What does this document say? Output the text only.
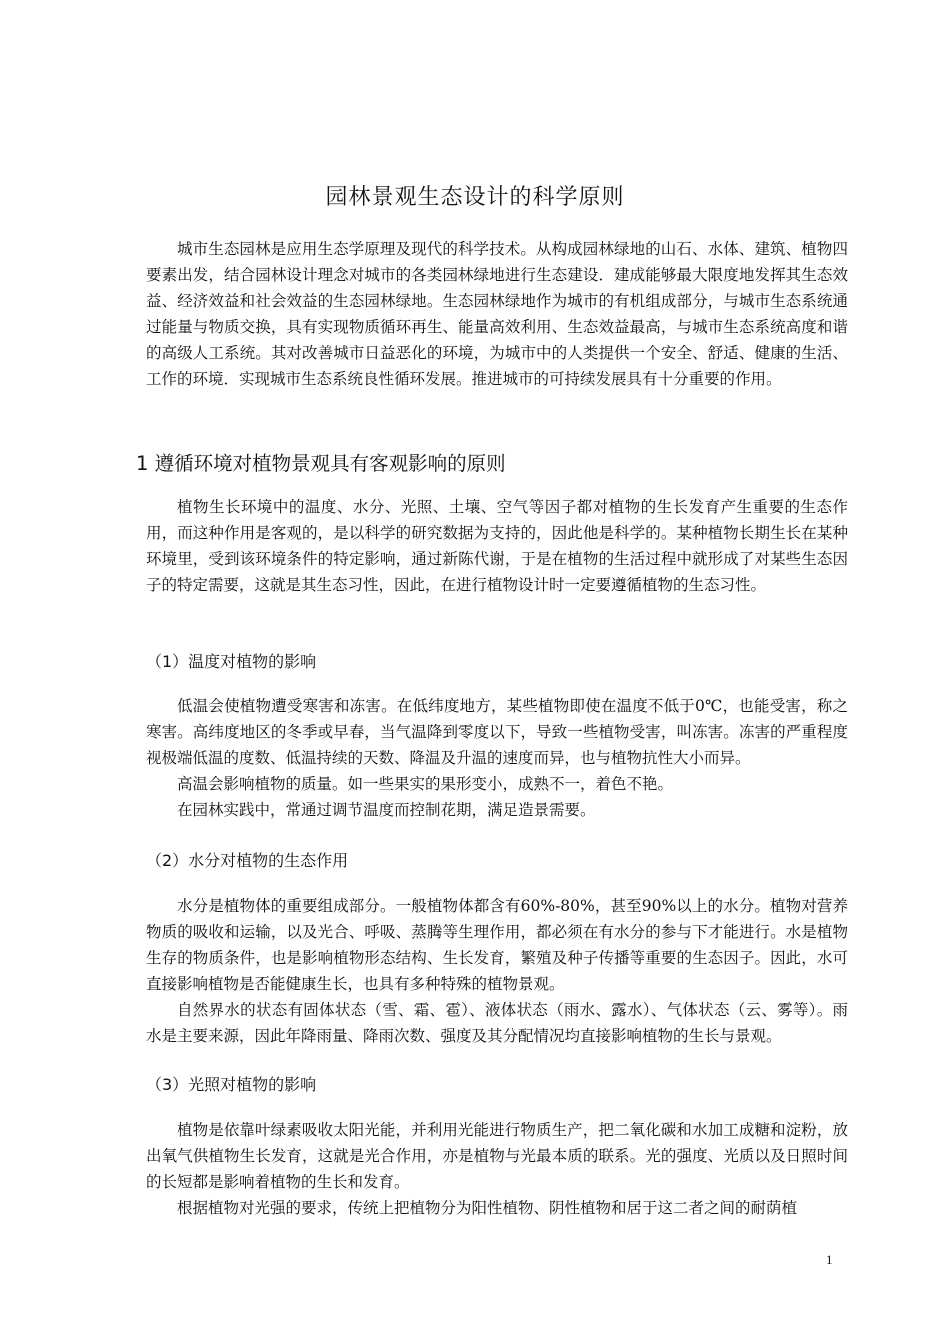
园林景观生态设计的科学原则

城市生态园林是应用生态学原理及现代的科学技术。从构成园林绿地的山石、水体、建筑、植物四要素出发，结合园林设计理念对城市的各类园林绿地进行生态建设．建成能够最大限度地发挥其生态效益、经济效益和社会效益的生态园林绿地。生态园林绿地作为城市的有机组成部分，与城市生态系统通过能量与物质交换，具有实现物质循环再生、能量高效利用、生态效益最高，与城市生态系统高度和谐的高级人工系统。其对改善城市日益恶化的环境，为城市中的人类提供一个安全、舒适、健康的生活、工作的环境．实现城市生态系统良性循环发展。推进城市的可持续发展具有十分重要的作用。

1 遵循环境对植物景观具有客观影响的原则

植物生长环境中的温度、水分、光照、土壤、空气等因子都对植物的生长发育产生重要的生态作用，而这种作用是客观的，是以科学的研究数据为支持的，因此他是科学的。某种植物长期生长在某种环境里，受到该环境条件的特定影响，通过新陈代谢，于是在植物的生活过程中就形成了对某些生态因子的特定需要，这就是其生态习性，因此，在进行植物设计时一定要遵循植物的生态习性。

（1）温度对植物的影响

低温会使植物遭受寒害和冻害。在低纬度地方，某些植物即使在温度不低于0℃，也能受害，称之寒害。高纬度地区的冬季或早春，当气温降到零度以下，导致一些植物受害，叫冻害。冻害的严重程度视极端低温的度数、低温持续的天数、降温及升温的速度而异，也与植物抗性大小而异。

高温会影响植物的质量。如一些果实的果形变小，成熟不一，着色不艳。

在园林实践中，常通过调节温度而控制花期，满足造景需要。

（2）水分对植物的生态作用

水分是植物体的重要组成部分。一般植物体都含有60%-80%，甚至90%以上的水分。植物对营养物质的吸收和运输，以及光合、呼吸、蒸腾等生理作用，都必须在有水分的参与下才能进行。水是植物生存的物质条件，也是影响植物形态结构、生长发育，繁殖及种子传播等重要的生态因子。因此，水可直接影响植物是否能健康生长，也具有多种特殊的植物景观。

自然界水的状态有固体状态（雪、霜、雹）、液体状态（雨水、露水）、气体状态（云、雾等）。雨水是主要来源，因此年降雨量、降雨次数、强度及其分配情况均直接影响植物的生长与景观。

（3）光照对植物的影响

植物是依靠叶绿素吸收太阳光能，并利用光能进行物质生产，把二氧化碳和水加工成糖和淀粉，放出氧气供植物生长发育，这就是光合作用，亦是植物与光最本质的联系。光的强度、光质以及日照时间的长短都是影响着植物的生长和发育。

根据植物对光强的要求，传统上把植物分为阳性植物、阴性植物和居于这二者之间的耐荫植

1
